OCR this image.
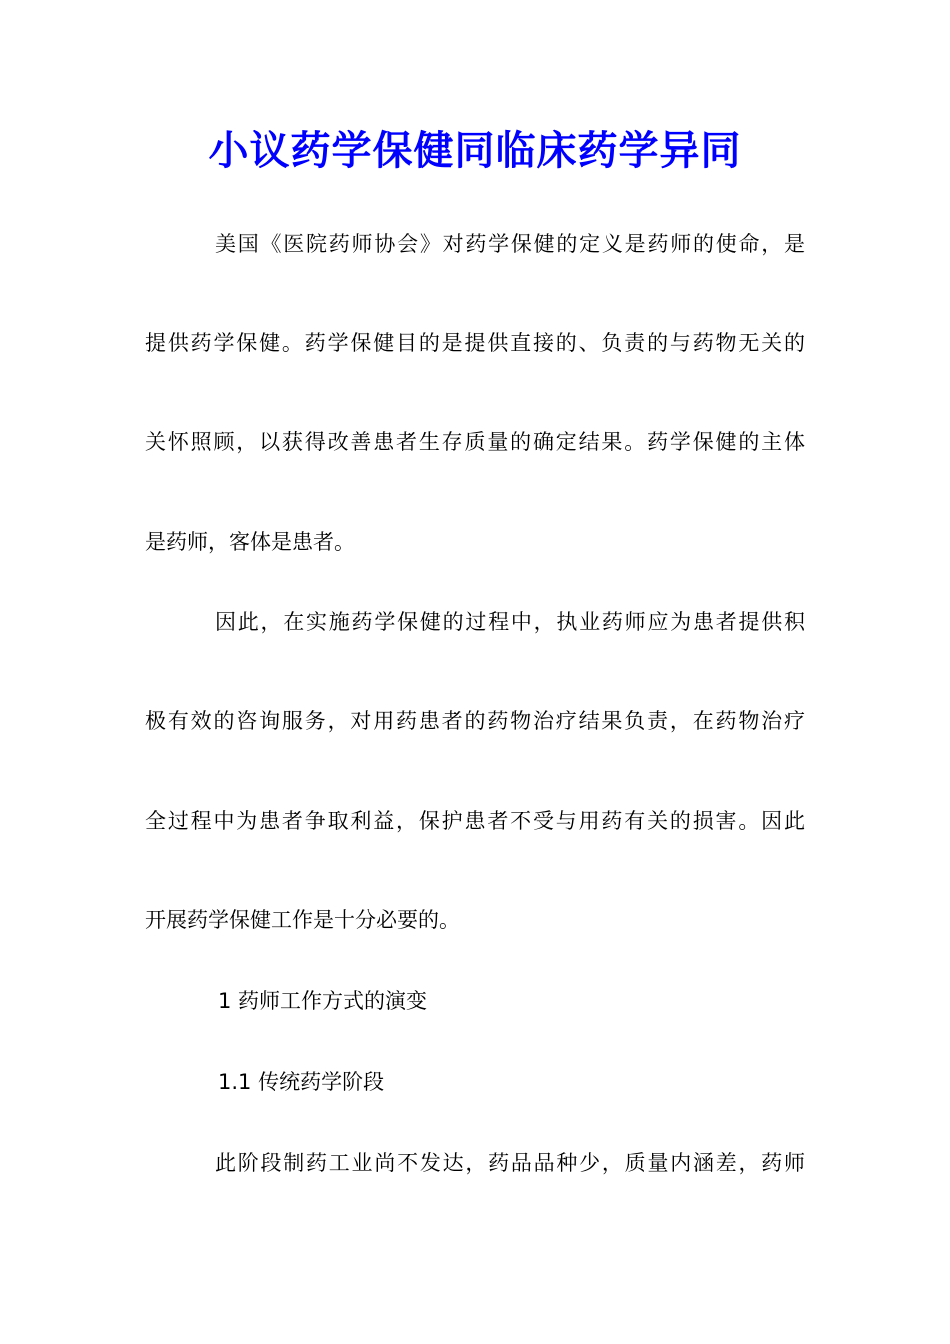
小议药学保健同临床药学异同
美国《医院药师协会》对药学保健的定义是药师的使命，是
提供药学保健。药学保健目的是提供直接的、负责的与药物无关的
关怀照顾，以获得改善患者生存质量的确定结果。药学保健的主体
是药师，客体是患者。
因此，在实施药学保健的过程中，执业药师应为患者提供积
极有效的咨询服务，对用药患者的药物治疗结果负责，在药物治疗
全过程中为患者争取利益，保护患者不受与用药有关的损害。因此
开展药学保健工作是十分必要的。
1 药师工作方式的演变
1.1 传统药学阶段
此阶段制药工业尚不发达，药品品种少，质量内涵差，药师
